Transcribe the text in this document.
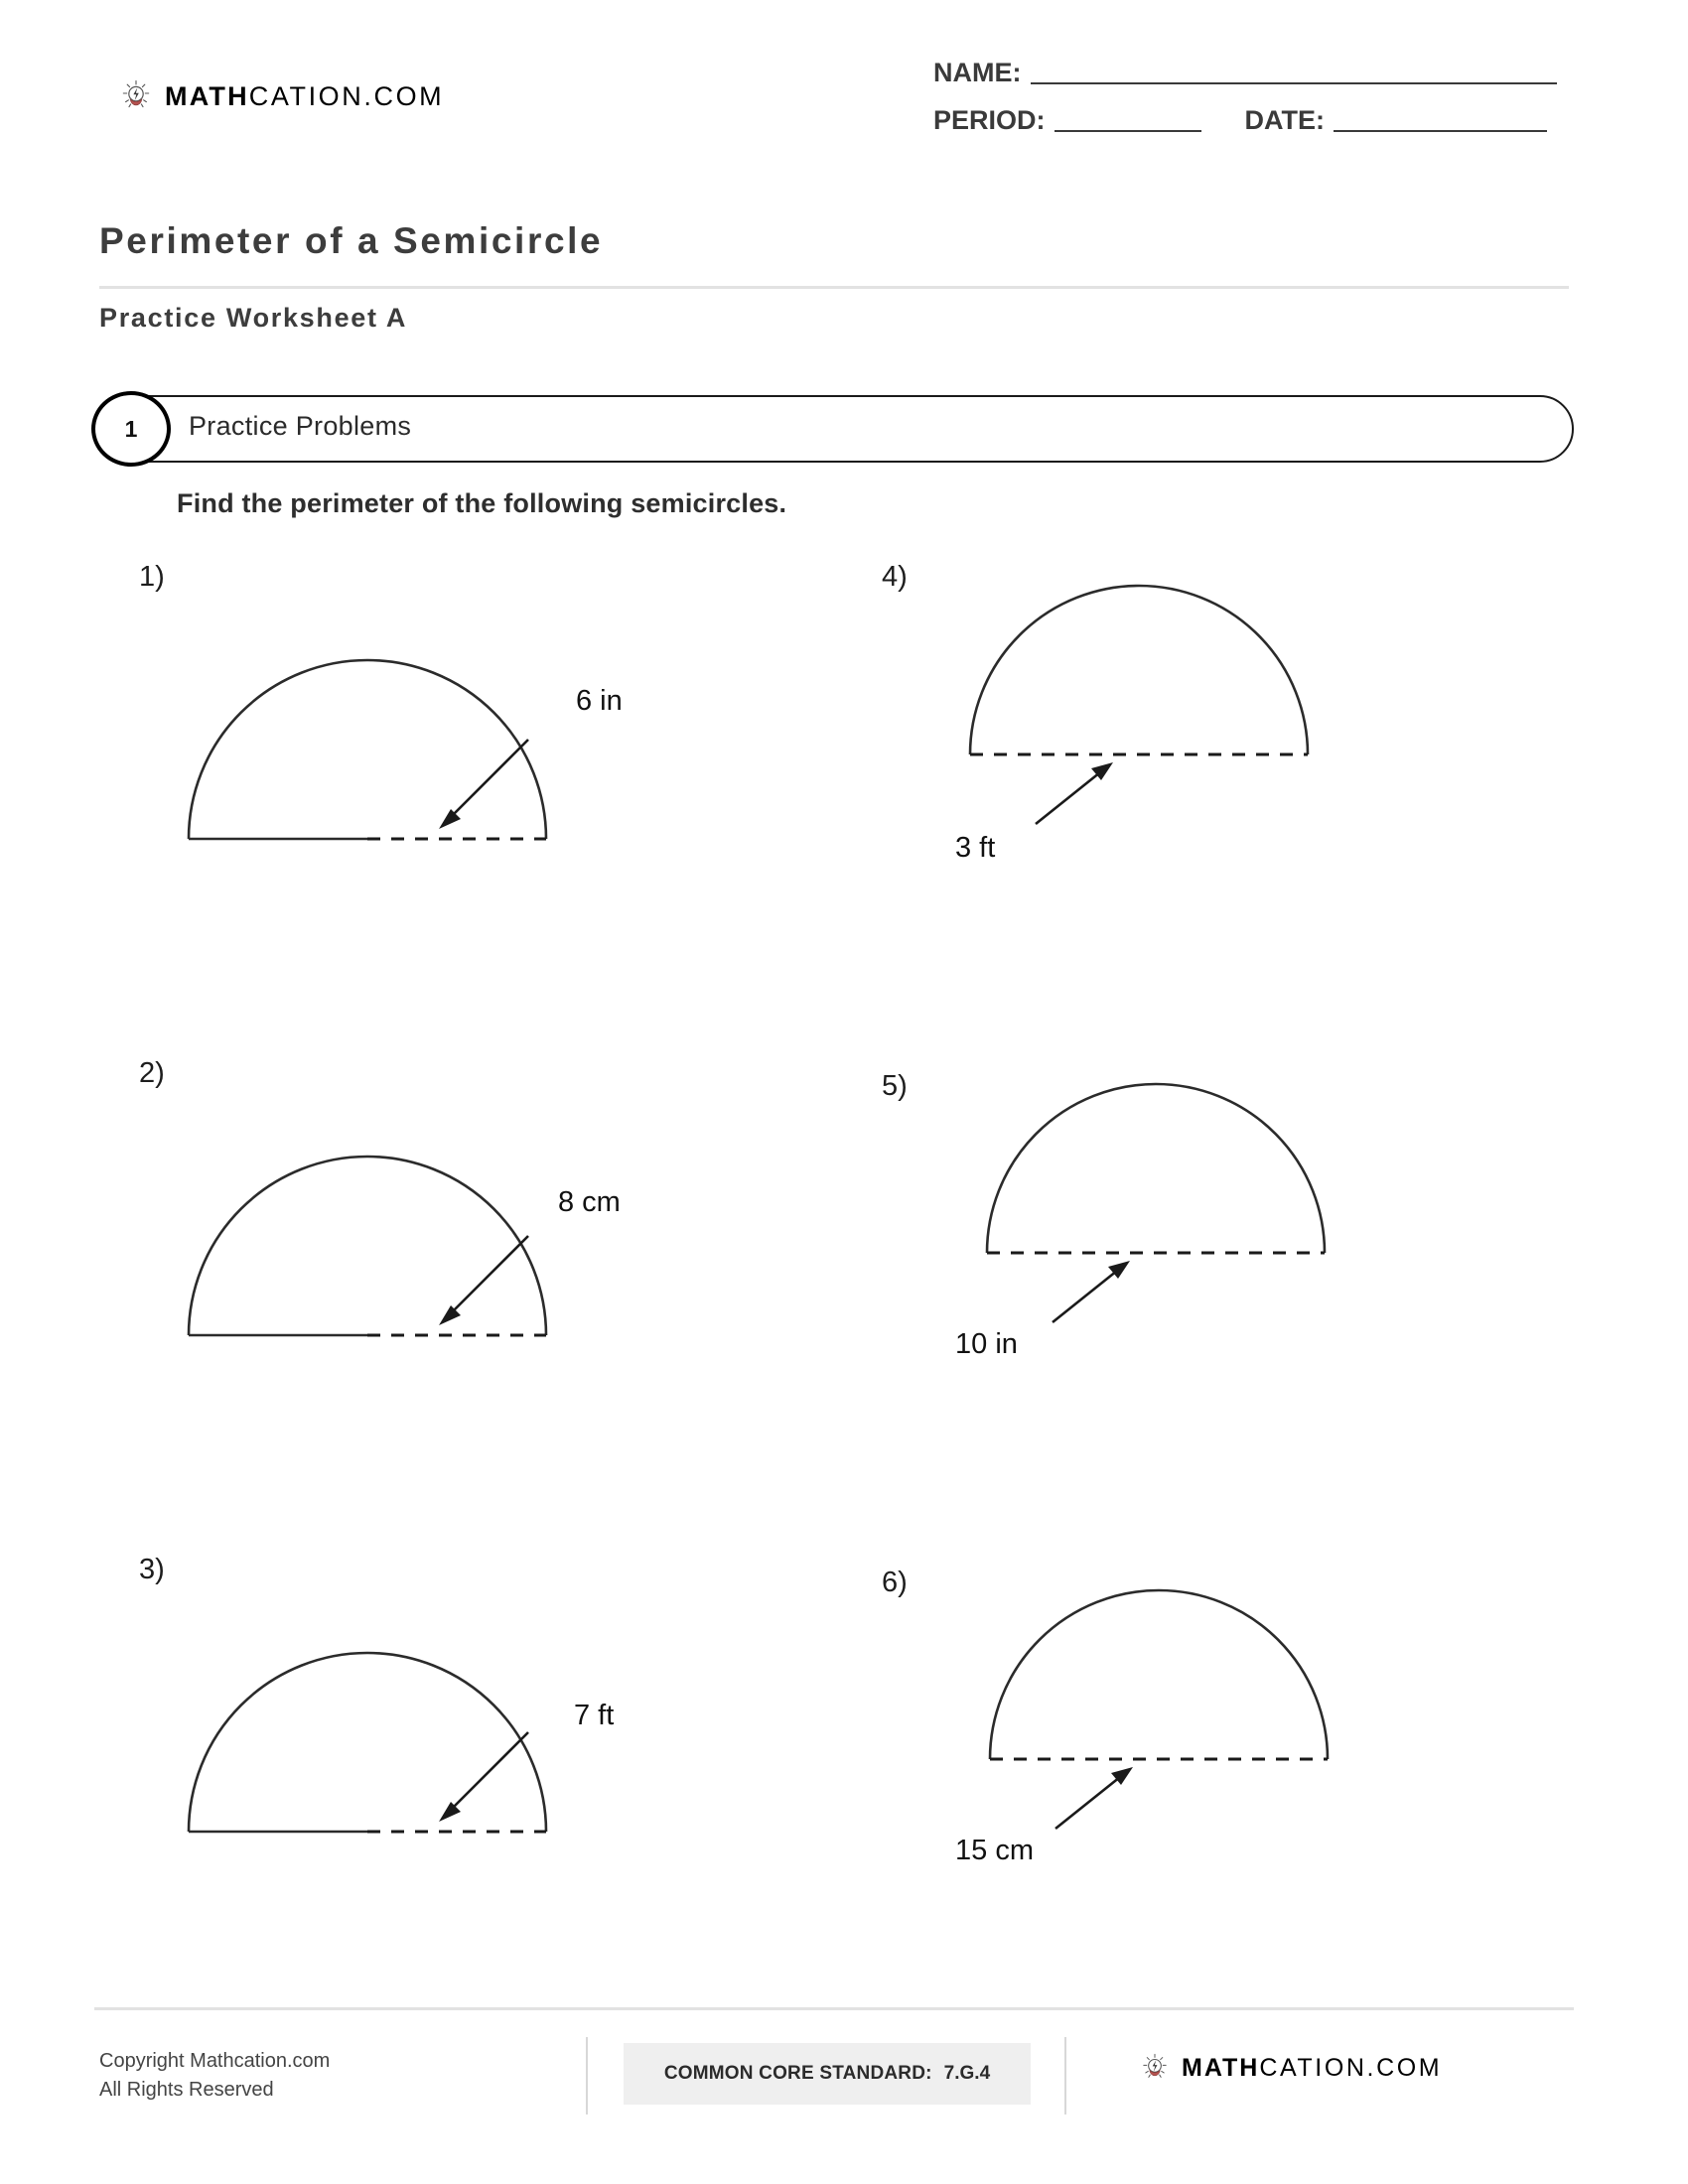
MATHCATION.COM
NAME:
PERIOD:	DATE:
Perimeter of a Semicircle
Practice Worksheet A
1	Practice Problems
Find the perimeter of the following semicircles.
1)
6 in
2)
8 cm
3)
7 ft
4)
3 ft
5)
10 in
6)
15 cm
Copyright Mathcation.com
All Rights Reserved
COMMON CORE STANDARD: 7.G.4	MATHCATION.COM
